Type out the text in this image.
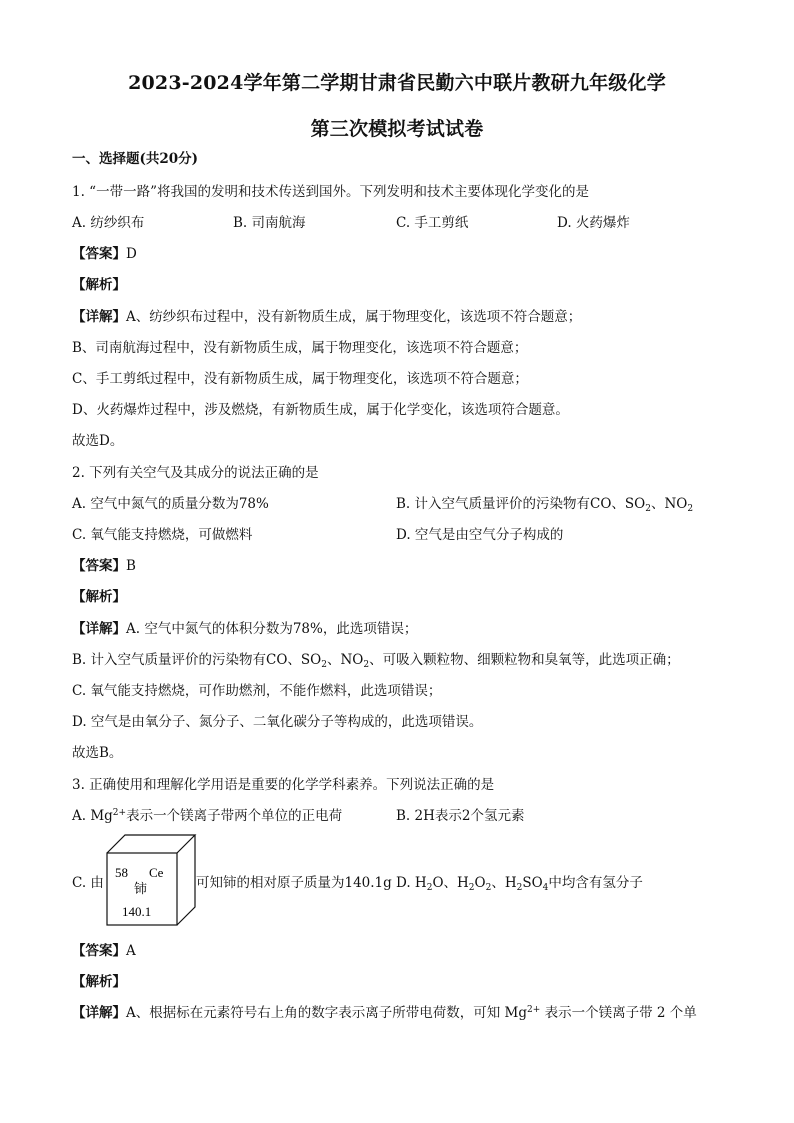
2023-2024学年第二学期甘肃省民勤六中联片教研九年级化学
第三次模拟考试试卷
一、选择题(共20分)
1. “一带一路”将我国的发明和技术传送到国外。下列发明和技术主要体现化学变化的是
A. 纺纱织布	B. 司南航海	C. 手工剪纸	D. 火药爆炸
【答案】D
【解析】
【详解】A、纺纱织布过程中，没有新物质生成，属于物理变化，该选项不符合题意；
B、司南航海过程中，没有新物质生成，属于物理变化，该选项不符合题意；
C、手工剪纸过程中，没有新物质生成，属于物理变化，该选项不符合题意；
D、火药爆炸过程中，涉及燃烧，有新物质生成，属于化学变化，该选项符合题意。
故选D。
2. 下列有关空气及其成分的说法正确的是
A. 空气中氮气的质量分数为78%	B. 计入空气质量评价的污染物有CO、$SO_2$、$NO_2$
C. 氧气能支持燃烧，可做燃料	D. 空气是由空气分子构成的
【答案】B
【解析】
【详解】A. 空气中氮气的体积分数为78%，此选项错误；
B. 计入空气质量评价的污染物有CO、$SO_2$、$NO_2$、可吸入颗粒物、细颗粒物和臭氧等，此选项正确；
C. 氧气能支持燃烧，可作助燃剂，不能作燃料，此选项错误；
D. 空气是由氧分子、氮分子、二氧化碳分子等构成的，此选项错误。
故选B。
3. 正确使用和理解化学用语是重要的化学学科素养。下列说法正确的是
A. $Mg^{2+}$表示一个镁离子带两个单位的正电荷	B. 2H表示2个氢元素
C. 由
58 Ce
铈
140.1
可知铈的相对原子质量为140.1g D. $H_2O$、$H_2O_2$、$H_2SO_4$中均含有氢分子
【答案】A
【解析】
【详解】A、根据标在元素符号右上角的数字表示离子所带电荷数，可知 $Mg^{2+}$ 表示一个镁离子带 2 个单
